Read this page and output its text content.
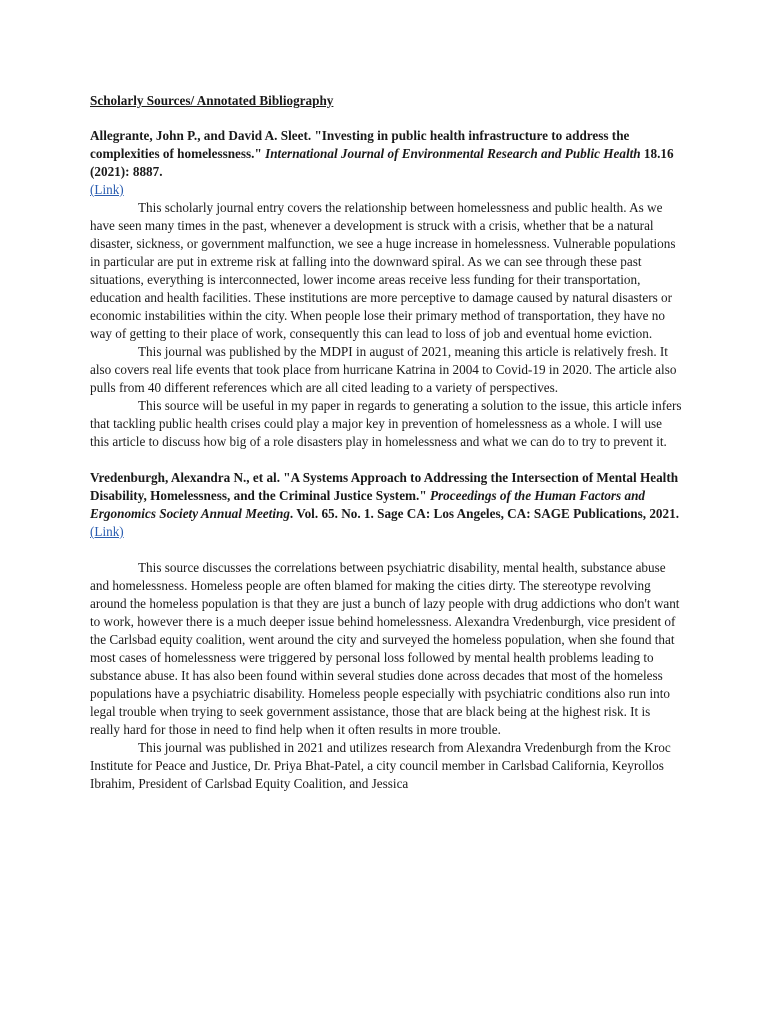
Scholarly Sources/ Annotated Bibliography

Allegrante, John P., and David A. Sleet. "Investing in public health infrastructure to address the complexities of homelessness." International Journal of Environmental Research and Public Health 18.16 (2021): 8887.

(Link)

This scholarly journal entry covers the relationship between homelessness and public health. As we have seen many times in the past, whenever a development is struck with a crisis, whether that be a natural disaster, sickness, or government malfunction, we see a huge increase in homelessness. Vulnerable populations in particular are put in extreme risk at falling into the downward spiral. As we can see through these past situations, everything is interconnected, lower income areas receive less funding for their transportation, education and health facilities. These institutions are more perceptive to damage caused by natural disasters or economic instabilities within the city. When people lose their primary method of transportation, they have no way of getting to their place of work, consequently this can lead to loss of job and eventual home eviction.

This journal was published by the MDPI in august of 2021, meaning this article is relatively fresh. It also covers real life events that took place from hurricane Katrina in 2004 to Covid-19 in 2020. The article also pulls from 40 different references which are all cited leading to a variety of perspectives.

This source will be useful in my paper in regards to generating a solution to the issue, this article infers that tackling public health crises could play a major key in prevention of homelessness as a whole. I will use this article to discuss how big of a role disasters play in homelessness and what we can do to try to prevent it.

Vredenburgh, Alexandra N., et al. "A Systems Approach to Addressing the Intersection of Mental Health Disability, Homelessness, and the Criminal Justice System." Proceedings of the Human Factors and Ergonomics Society Annual Meeting. Vol. 65. No. 1. Sage CA: Los Angeles, CA: SAGE Publications, 2021.

(Link)

This source discusses the correlations between psychiatric disability, mental health, substance abuse and homelessness. Homeless people are often blamed for making the cities dirty. The stereotype revolving around the homeless population is that they are just a bunch of lazy people with drug addictions who don't want to work, however there is a much deeper issue behind homelessness. Alexandra Vredenburgh, vice president of the Carlsbad equity coalition, went around the city and surveyed the homeless population, when she found that most cases of homelessness were triggered by personal loss followed by mental health problems leading to substance abuse. It has also been found within several studies done across decades that most of the homeless populations have a psychiatric disability. Homeless people especially with psychiatric conditions also run into legal trouble when trying to seek government assistance, those that are black being at the highest risk. It is really hard for those in need to find help when it often results in more trouble.

This journal was published in 2021 and utilizes research from Alexandra Vredenburgh from the Kroc Institute for Peace and Justice, Dr. Priya Bhat-Patel, a city council member in Carlsbad California, Keyrollos Ibrahim, President of Carlsbad Equity Coalition, and Jessica
